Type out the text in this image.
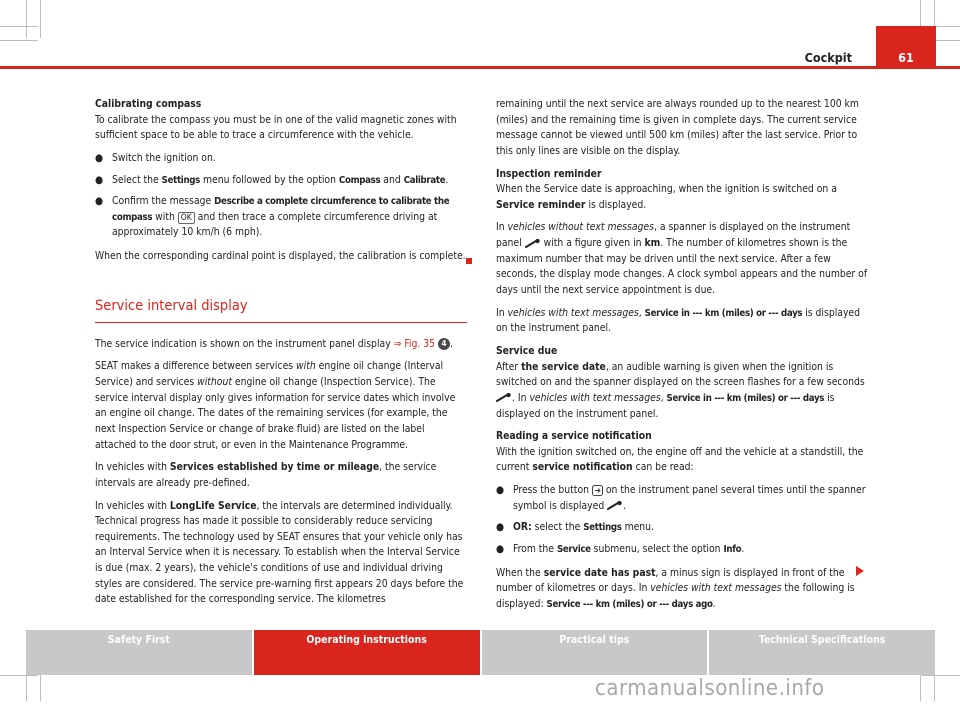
61
Cockpit

Calibrating compass

To calibrate the compass you must be in one of the valid magnetic zones with sufficient space to be able to trace a circumference with the vehicle.

● Switch the ignition on.
● Select the Settings menu followed by the option Compass and Calibrate.
● Confirm the message Describe a complete circumference to calibrate the compass with OK and then trace a complete circumference driving at approximately 10 km/h (6 mph).

When the corresponding cardinal point is displayed, the calibration is complete.

Service interval display

The service indication is shown on the instrument panel display ⇒ Fig. 35 4 .

SEAT makes a difference between services with engine oil change (Interval Service) and services without engine oil change (Inspection Service). The service interval display only gives information for service dates which involve an engine oil change. The dates of the remaining services (for example, the next Inspection Service or change of brake fluid) are listed on the label attached to the door strut, or even in the Maintenance Programme.

In vehicles with Services established by time or mileage, the service intervals are already pre-defined.

In vehicles with LongLife Service, the intervals are determined individually. Technical progress has made it possible to considerably reduce servicing requirements. The technology used by SEAT ensures that your vehicle only has an Interval Service when it is necessary. To establish when the Interval Service is due (max. 2 years), the vehicle's conditions of use and individual driving styles are considered. The service pre-warning first appears 20 days before the date established for the corresponding service. The kilometres

remaining until the next service are always rounded up to the nearest 100 km (miles) and the remaining time is given in complete days. The current service message cannot be viewed until 500 km (miles) after the last service. Prior to this only lines are visible on the display.

Inspection reminder

When the Service date is approaching, when the ignition is switched on a Service reminder is displayed.

In vehicles without text messages, a spanner is displayed on the instrument panel  with a figure given in km. The number of kilometres shown is the maximum number that may be driven until the next service. After a few seconds, the display mode changes. A clock symbol appears and the number of days until the next service appointment is due.

In vehicles with text messages, Service in --- km (miles) or --- days is displayed on the instrument panel.

Service due

After the service date, an audible warning is given when the ignition is switched on and the spanner displayed on the screen flashes for a few seconds . In vehicles with text messages, Service in --- km (miles) or --- days is displayed on the instrument panel.

Reading a service notification

With the ignition switched on, the engine off and the vehicle at a standstill, the current service notification can be read:

● Press the button  on the instrument panel several times until the spanner symbol is displayed .
● OR: select the Settings menu.
● From the Service submenu, select the option Info.

When the service date has past, a minus sign is displayed in front of the number of kilometres or days. In vehicles with text messages the following is displayed: Service --- km (miles) or --- days ago.

Safety First	Operating instructions	Practical tips	Technical Specifications
carmanualsonline.info
